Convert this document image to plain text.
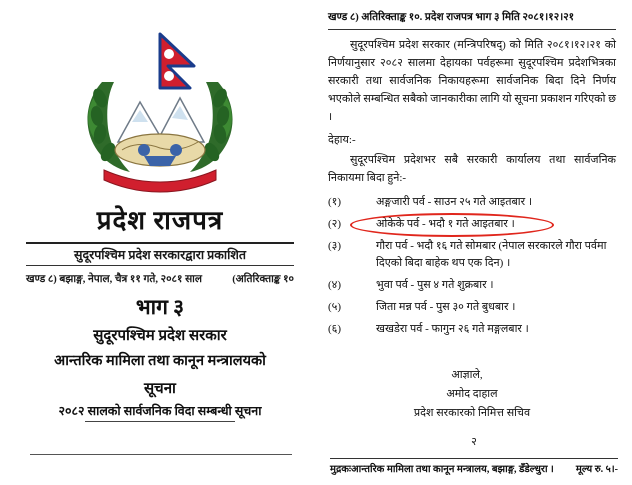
प्रदेश राजपत्र
सुदूरपश्चिम प्रदेश सरकारद्वारा प्रकाशित
खण्ड ८) बझाङ्ग, नेपाल, चैत्र ११ गते, २०८१ साल	(अतिरिक्ताङ्क १०
भाग ३
सुदूरपश्चिम प्रदेश सरकार
आन्तरिक मामिला तथा कानून मन्त्रालयको
सूचना
२०८२ सालको सार्वजनिक विदा सम्बन्धी सूचना
खण्ड ८) अतिरिक्ताङ्क १०. प्रदेश राजपत्र भाग ३ मिति २०८१।१२।२१

सुदूरपश्चिम प्रदेश सरकार (मन्त्रिपरिषद्) को मिति २०८१।१२।२१ को निर्णयानुसार २०८२ सालमा देहायका पर्वहरूमा सुदूरपश्चिम प्रदेशभित्रका सरकारी तथा सार्वजनिक निकायहरूमा सार्वजनिक बिदा दिने निर्णय भएकोले सम्बन्धित सबैको जानकारीका लागि यो सूचना प्रकाशन गरिएको छ ।

देहाय:-

सुदूरपश्चिम प्रदेशभर सबै सरकारी कार्यालय तथा सार्वजनिक निकायमा बिदा हुने:-

(१)	अङ्गजारी पर्व - साउन २५ गते आइतबार ।
(२)	ओकेके पर्व - भदौ १ गते आइतबार ।
(३)	गौरा पर्व - भदौ १६ गते सोमबार (नेपाल सरकारले गौरा पर्वमा दिएको बिदा बाहेक थप एक दिन) ।
(४)	भुवा पर्व - पुस ४ गते शुक्रबार ।
(५)	जिता मन्न पर्व - पुस ३० गते बुधबार ।
(६)	खखडेरा पर्व - फागुन २६ गते मङ्गलबार ।
आज्ञाले,
अमोद दाहाल
प्रदेश सरकारको निमित्त सचिव
२
मुद्रकःआन्तरिक मामिला तथा कानून मन्त्रालय, बझाङ्ग, डँडेल्धुरा । मूल्य रु. ५।-
